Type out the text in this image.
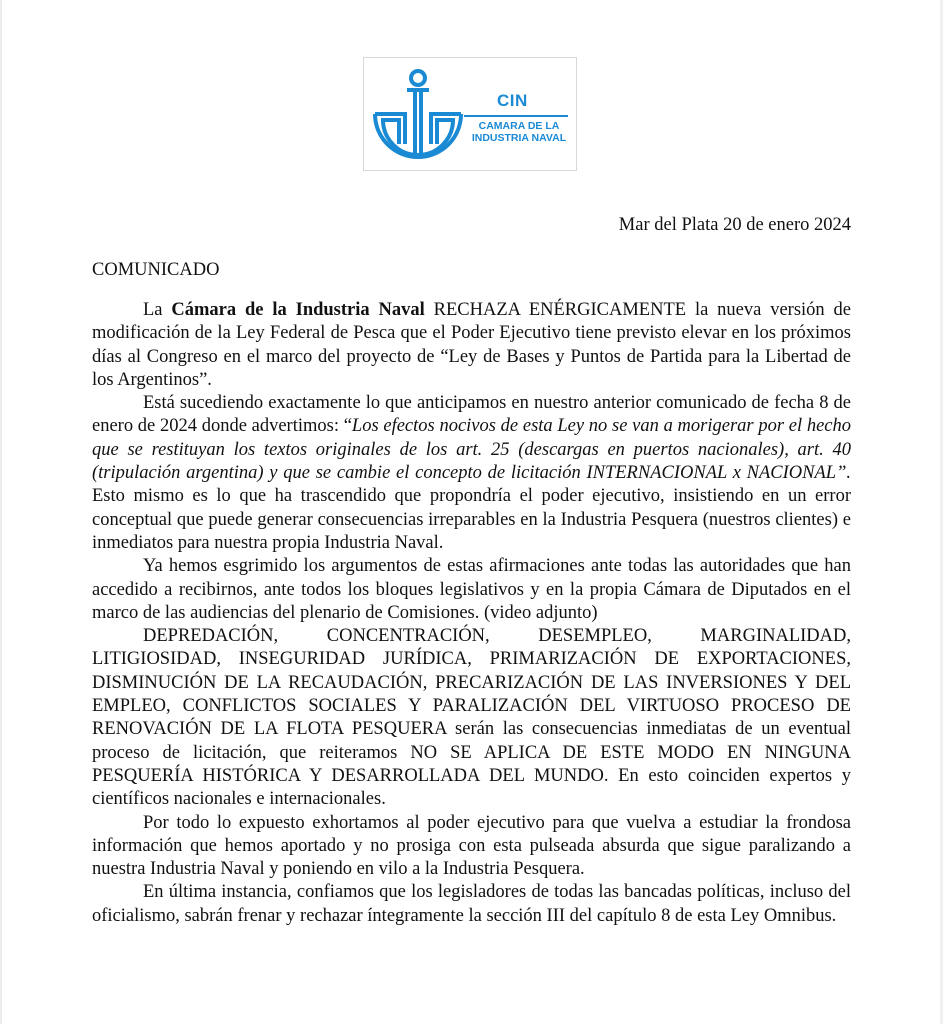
CIN
CAMARA DE LA
INDUSTRIA NAVAL
Mar del Plata 20 de enero 2024
COMUNICADO

La Cámara de la Industria Naval RECHAZA ENÉRGICAMENTE la nueva versión de modificación de la Ley Federal de Pesca que el Poder Ejecutivo tiene previsto elevar en los próximos días al Congreso en el marco del proyecto de “Ley de Bases y Puntos de Partida para la Libertad de los Argentinos”.

Está sucediendo exactamente lo que anticipamos en nuestro anterior comunicado de fecha 8 de enero de 2024 donde advertimos: “Los efectos nocivos de esta Ley no se van a morigerar por el hecho que se restituyan los textos originales de los art. 25 (descargas en puertos nacionales), art. 40 (tripulación argentina) y que se cambie el concepto de licitación INTERNACIONAL x NACIONAL”. Esto mismo es lo que ha trascendido que propondría el poder ejecutivo, insistiendo en un error conceptual que puede generar consecuencias irreparables en la Industria Pesquera (nuestros clientes) e inmediatos para nuestra propia Industria Naval.

Ya hemos esgrimido los argumentos de estas afirmaciones ante todas las autoridades que han accedido a recibirnos, ante todos los bloques legislativos y en la propia Cámara de Diputados en el marco de las audiencias del plenario de Comisiones. (video adjunto)

DEPREDACIÓN, CONCENTRACIÓN, DESEMPLEO, MARGINALIDAD, LITIGIOSIDAD, INSEGURIDAD JURÍDICA, PRIMARIZACIÓN DE EXPORTACIONES, DISMINUCIÓN DE LA RECAUDACIÓN, PRECARIZACIÓN DE LAS INVERSIONES Y DEL EMPLEO, CONFLICTOS SOCIALES Y PARALIZACIÓN DEL VIRTUOSO PROCESO DE RENOVACIÓN DE LA FLOTA PESQUERA serán las consecuencias inmediatas de un eventual proceso de licitación, que reiteramos NO SE APLICA DE ESTE MODO EN NINGUNA PESQUERÍA HISTÓRICA Y DESARROLLADA DEL MUNDO. En esto coinciden expertos y científicos nacionales e internacionales.

Por todo lo expuesto exhortamos al poder ejecutivo para que vuelva a estudiar la frondosa información que hemos aportado y no prosiga con esta pulseada absurda que sigue paralizando a nuestra Industria Naval y poniendo en vilo a la Industria Pesquera.

En última instancia, confiamos que los legisladores de todas las bancadas políticas, incluso del oficialismo, sabrán frenar y rechazar íntegramente la sección III del capítulo 8 de esta Ley Omnibus.
